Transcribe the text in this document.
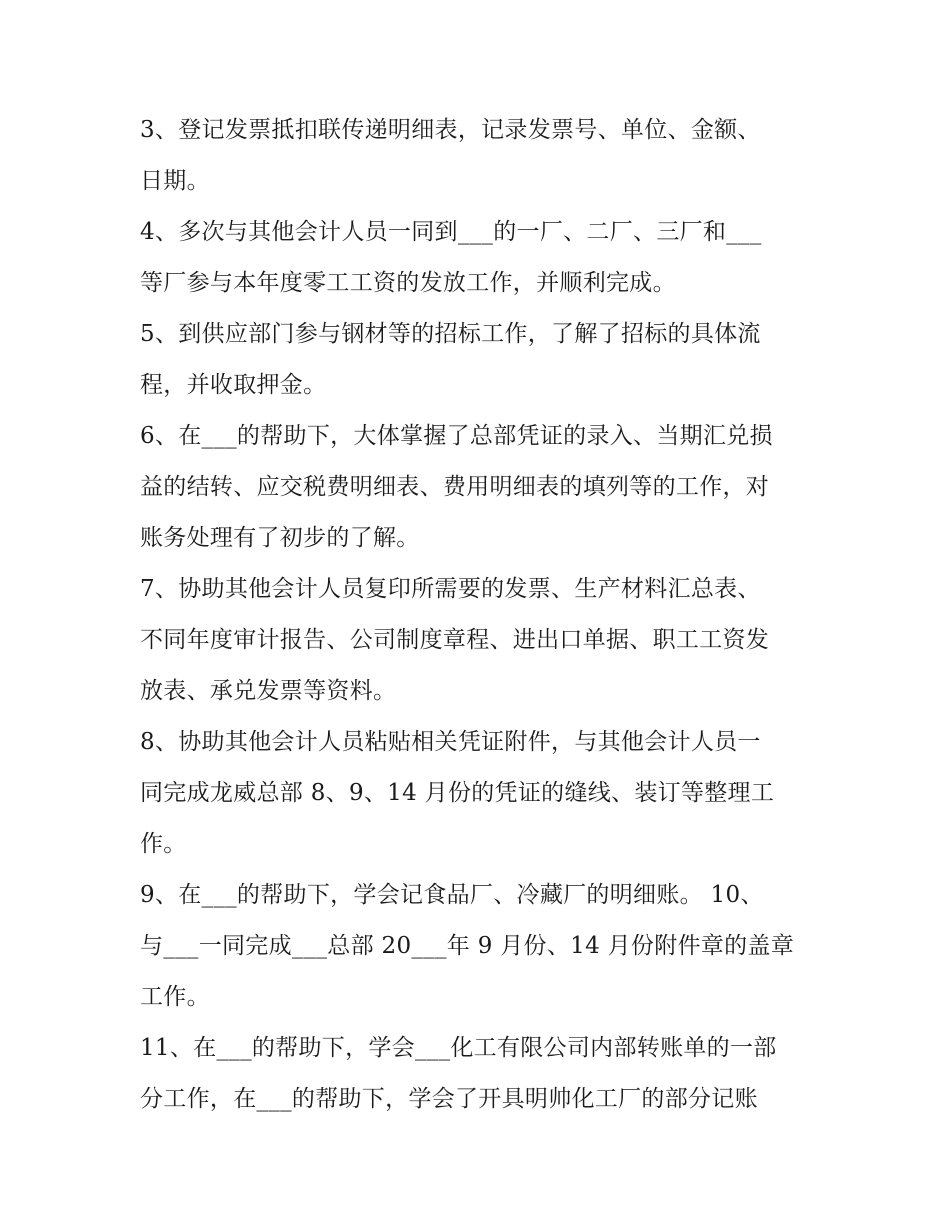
3、登记发票抵扣联传递明细表，记录发票号、单位、金额、
日期。
4、多次与其他会计人员一同到___的一厂、二厂、三厂和___
等厂参与本年度零工工资的发放工作，并顺利完成。
5、到供应部门参与钢材等的招标工作，了解了招标的具体流
程，并收取押金。
6、在___的帮助下，大体掌握了总部凭证的录入、当期汇兑损
益的结转、应交税费明细表、费用明细表的填列等的工作，对
账务处理有了初步的了解。
7、协助其他会计人员复印所需要的发票、生产材料汇总表、
不同年度审计报告、公司制度章程、进出口单据、职工工资发
放表、承兑发票等资料。
8、协助其他会计人员粘贴相关凭证附件，与其他会计人员一
同完成龙威总部 8、9、14 月份的凭证的缝线、装订等整理工
作。
9、在___的帮助下，学会记食品厂、冷藏厂的明细账。 10、
与___一同完成___总部 20___年 9 月份、14 月份附件章的盖章
工作。
11、在___的帮助下，学会___化工有限公司内部转账单的一部
分工作，在___的帮助下，学会了开具明帅化工厂的部分记账
